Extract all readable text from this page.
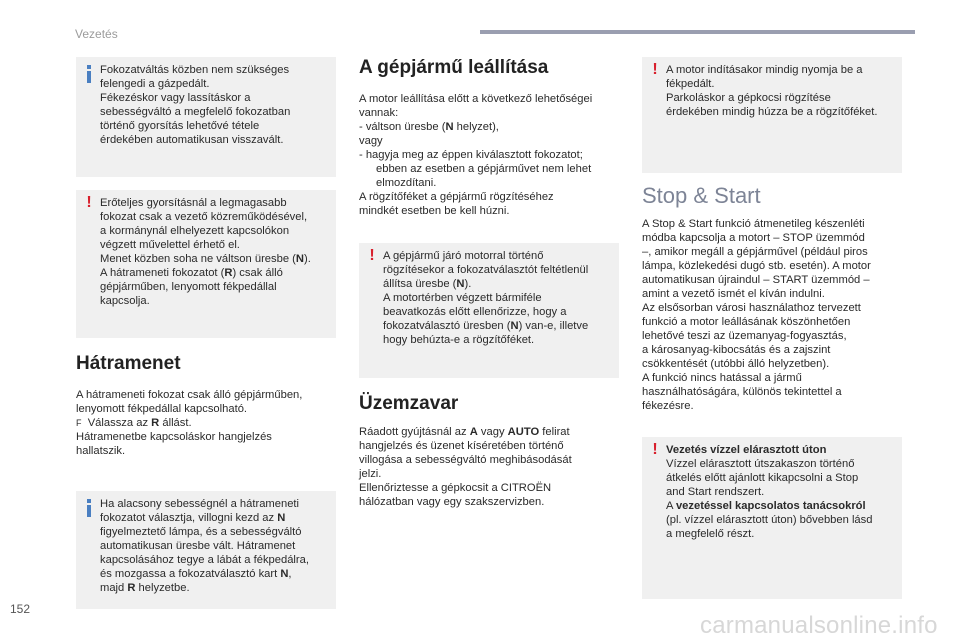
Vezetés
Fokozatváltás közben nem szükséges
felengedi a gázpedált.
Fékezéskor vagy lassításkor a
sebességváltó a megfelelő fokozatban
történő gyorsítás lehetővé tétele
érdekében automatikusan visszavált.
! Erőteljes gyorsításnál a legmagasabb
fokozat csak a vezető közreműködésével,
a kormánynál elhelyezett kapcsolókon
végzett művelettel érhető el.
Menet közben soha ne váltson üresbe (N).
A hátrameneti fokozatot (R) csak álló
gépjárműben, lenyomott fékpedállal
kapcsolja.
Hátramenet
A hátrameneti fokozat csak álló gépjárműben,
lenyomott fékpedállal kapcsolható.
F Válassza az R állást.
Hátramenetbe kapcsoláskor hangjelzés
hallatszik.
Ha alacsony sebességnél a hátrameneti
fokozatot választja, villogni kezd az N
figyelmeztető lámpa, és a sebességváltó
automatikusan üresbe vált. Hátramenet
kapcsolásához tegye a lábát a fékpedálra,
és mozgassa a fokozatválasztó kart N,
majd R helyzetbe.
A gépjármű leállítása
A motor leállítása előtt a következő lehetőségei
vannak:
- váltson üresbe (N helyzet),
vagy
- hagyja meg az éppen kiválasztott fokozatot;
ebben az esetben a gépjárművet nem lehet
elmozdítani.
A rögzítőféket a gépjármű rögzítéséhez
mindkét esetben be kell húzni.
! A gépjármű járó motorral történő
rögzítésekor a fokozatválasztót feltétlenül
állítsa üresbe (N).
A motortérben végzett bármiféle
beavatkozás előtt ellenőrizze, hogy a
fokozatválasztó üresben (N) van-e, illetve
hogy behúzta-e a rögzítőféket.
Üzemzavar
Ráadott gyújtásnál az A vagy AUTO felirat
hangjelzés és üzenet kíséretében történő
villogása a sebességváltó meghibásodását
jelzi.
Ellenőriztesse a gépkocsit a CITROËN
hálózatban vagy egy szakszervizben.
! A motor indításakor mindig nyomja be a
fékpedált.
Parkoláskor a gépkocsi rögzítése
érdekében mindig húzza be a rögzítőféket.
Stop & Start
A Stop & Start funkció átmenetileg készenléti
módba kapcsolja a motort – STOP üzemmód
–, amikor megáll a gépjárművel (például piros
lámpa, közlekedési dugó stb. esetén). A motor
automatikusan újraindul – START üzemmód –
amint a vezető ismét el kíván indulni.
Az elsősorban városi használathoz tervezett
funkció a motor leállásának köszönhetően
lehetővé teszi az üzemanyag-fogyasztás,
a károsanyag-kibocsátás és a zajszint
csökkentését (utóbbi álló helyzetben).
A funkció nincs hatással a jármű
használhatóságára, különös tekintettel a
fékezésre.
! Vezetés vízzel elárasztott úton
Vízzel elárasztott útszakaszon történő
átkelés előtt ajánlott kikapcsolni a Stop
and Start rendszert.
A vezetéssel kapcsolatos tanácsokról
(pl. vízzel elárasztott úton) bővebben lásd
a megfelelő részt.
152
carmanualsonline.info
